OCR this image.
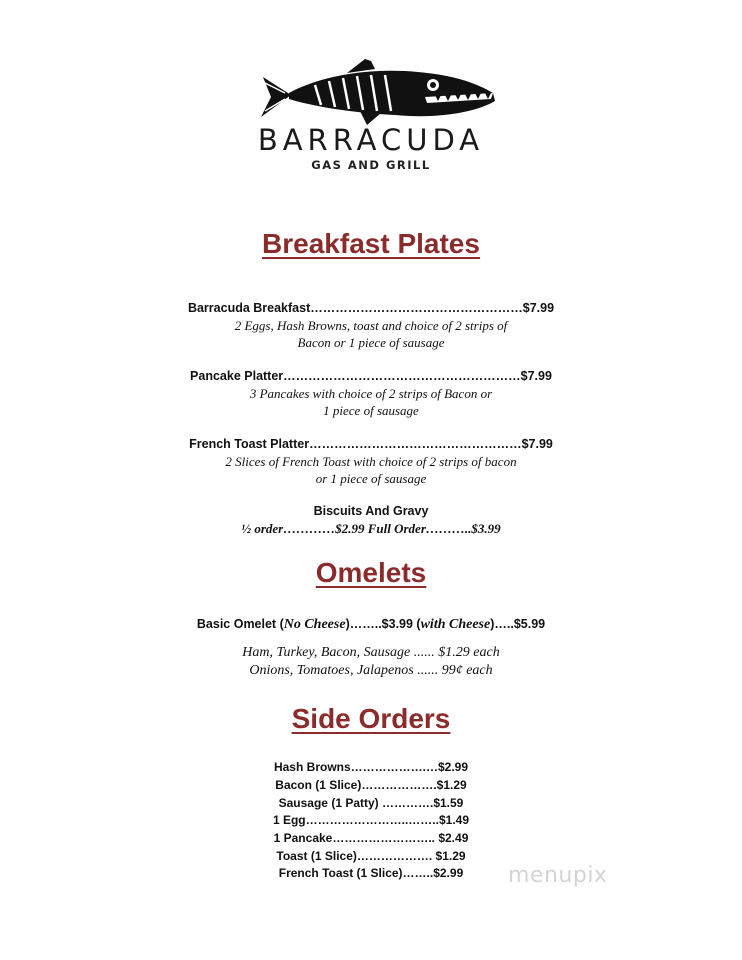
BARRACUDA
GAS AND GRILL
Breakfast Plates
Barracuda Breakfast……………………………………………$7.99
2 Eggs, Hash Browns, toast and choice of 2 strips of
Bacon or 1 piece of sausage
Pancake Platter…………………………………………………$7.99
3 Pancakes with choice of 2 strips of Bacon or
1 piece of sausage
French Toast Platter……………………………………………$7.99
2 Slices of French Toast with choice of 2 strips of bacon
or 1 piece of sausage
Biscuits And Gravy
½ order…………$2.99 Full Order………..$3.99
Omelets
Basic Omelet (No Cheese)……..$3.99 (with Cheese)…..$5.99
Ham, Turkey, Bacon, Sausage ...... $1.29 each
Onions, Tomatoes, Jalapenos ...... 99¢ each
Side Orders
Hash Browns……………….…$2.99
Bacon (1 Slice)……………….$1.29
Sausage (1 Patty) ………….$1.59
1 Egg……………………..……..$1.49
1 Pancake…………………….. $2.49
Toast (1 Slice)………………. $1.29
French Toast (1 Slice)……..$2.99	menupix
